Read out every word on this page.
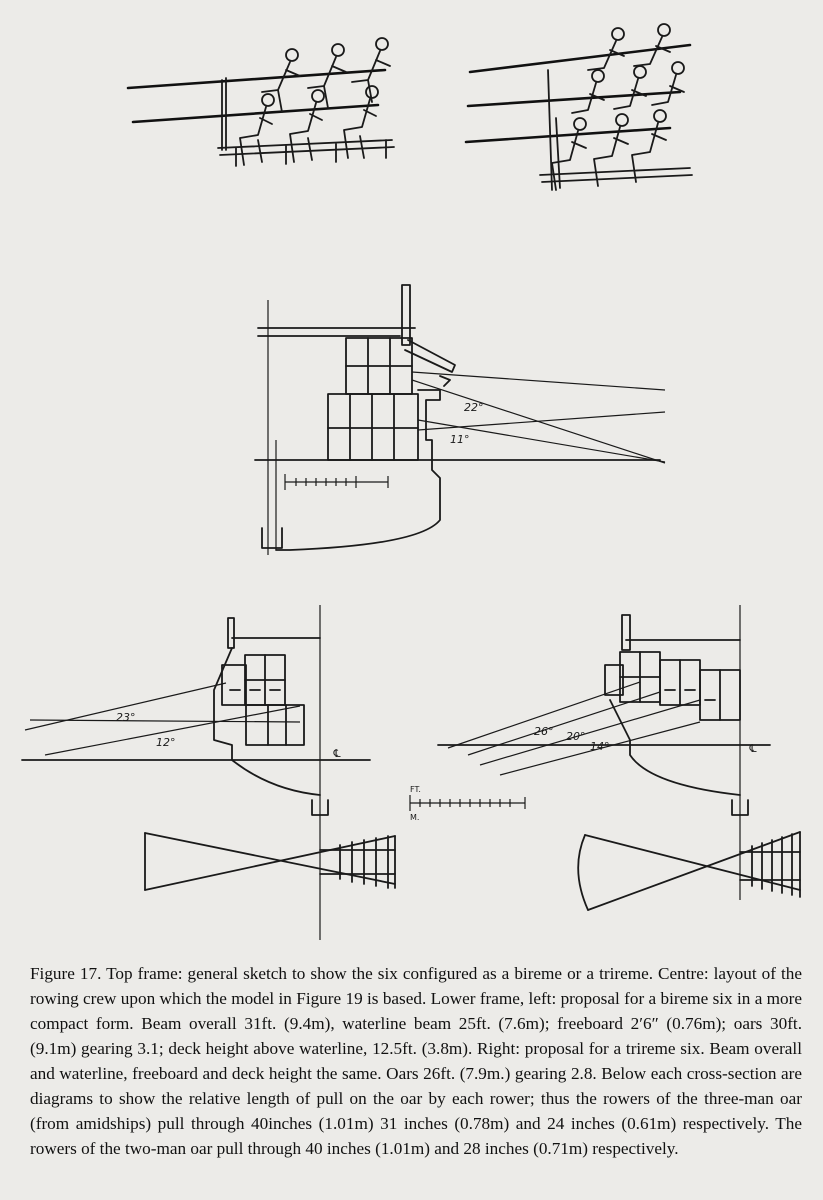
22°
11°
23°
12°
26° 20°
14°	℄
FT.
M.
℄

Figure 17. Top frame: general sketch to show the six configured as a bireme or a trireme. Centre: layout of the rowing crew upon which the model in Figure 19 is based. Lower frame, left: proposal for a bireme six in a more compact form. Beam overall 31ft. (9.4m), waterline beam 25ft. (7.6m); freeboard 2′6″ (0.76m); oars 30ft. (9.1m) gearing 3.1; deck height above waterline, 12.5ft. (3.8m). Right: proposal for a trireme six. Beam overall and waterline, freeboard and deck height the same. Oars 26ft. (7.9m.) gearing 2.8. Below each cross-section are diagrams to show the relative length of pull on the oar by each rower; thus the rowers of the three-man oar (from amidships) pull through 40inches (1.01m) 31 inches (0.78m) and 24 inches (0.61m) respectively. The rowers of the two-man oar pull through 40 inches (1.01m) and 28 inches (0.71m) respectively.
